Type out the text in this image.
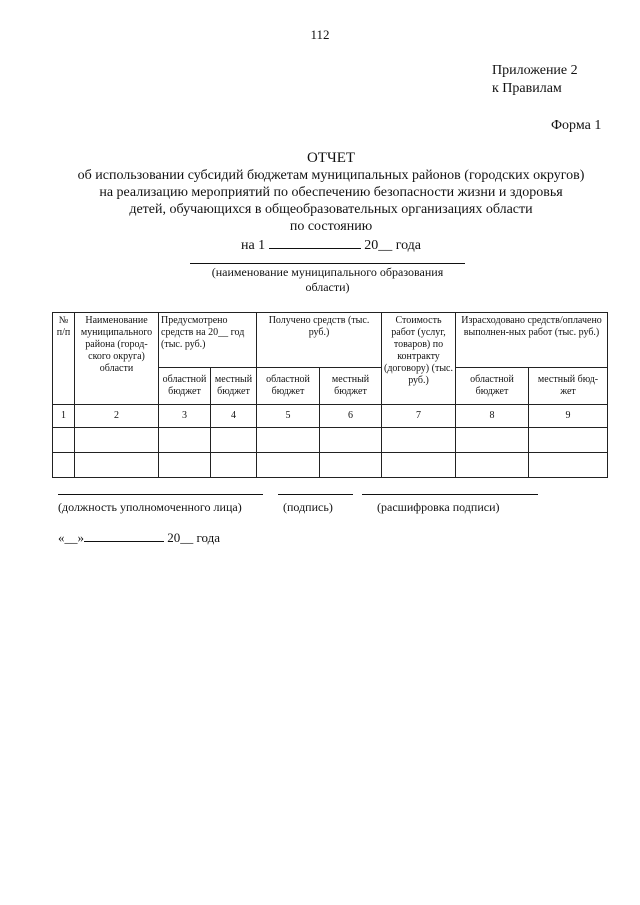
112
Приложение 2
к Правилам
Форма 1
ОТЧЕТ
об использовании субсидий бюджетам муниципальных районов (городских округов)
на реализацию мероприятий по обеспечению безопасности жизни и здоровья
детей, обучающихся в общеобразовательных организациях области
по состоянию
на 1	20__ года
(наименование муниципального образования
области)
№ п/п	Наименование муниципального района (город-ского округа) области	Предусмотрено средств на 20__ год (тыс. руб.)		Получено средств (тыс. руб.)		Стоимость работ (услуг, товаров) по контракту (договору) (тыс. руб.)	Израсходовано средств/оплачено выполнен-ных работ (тыс. руб.)	
		областной бюджет	местный бюджет	областной бюджет	местный бюджет		областной бюджет	местный бюд-жет
1	2	3	4	5	6	7	8	9

(должность уполномоченного лица)	(подпись)	(расшифровка подписи)
«__»	20__ года
